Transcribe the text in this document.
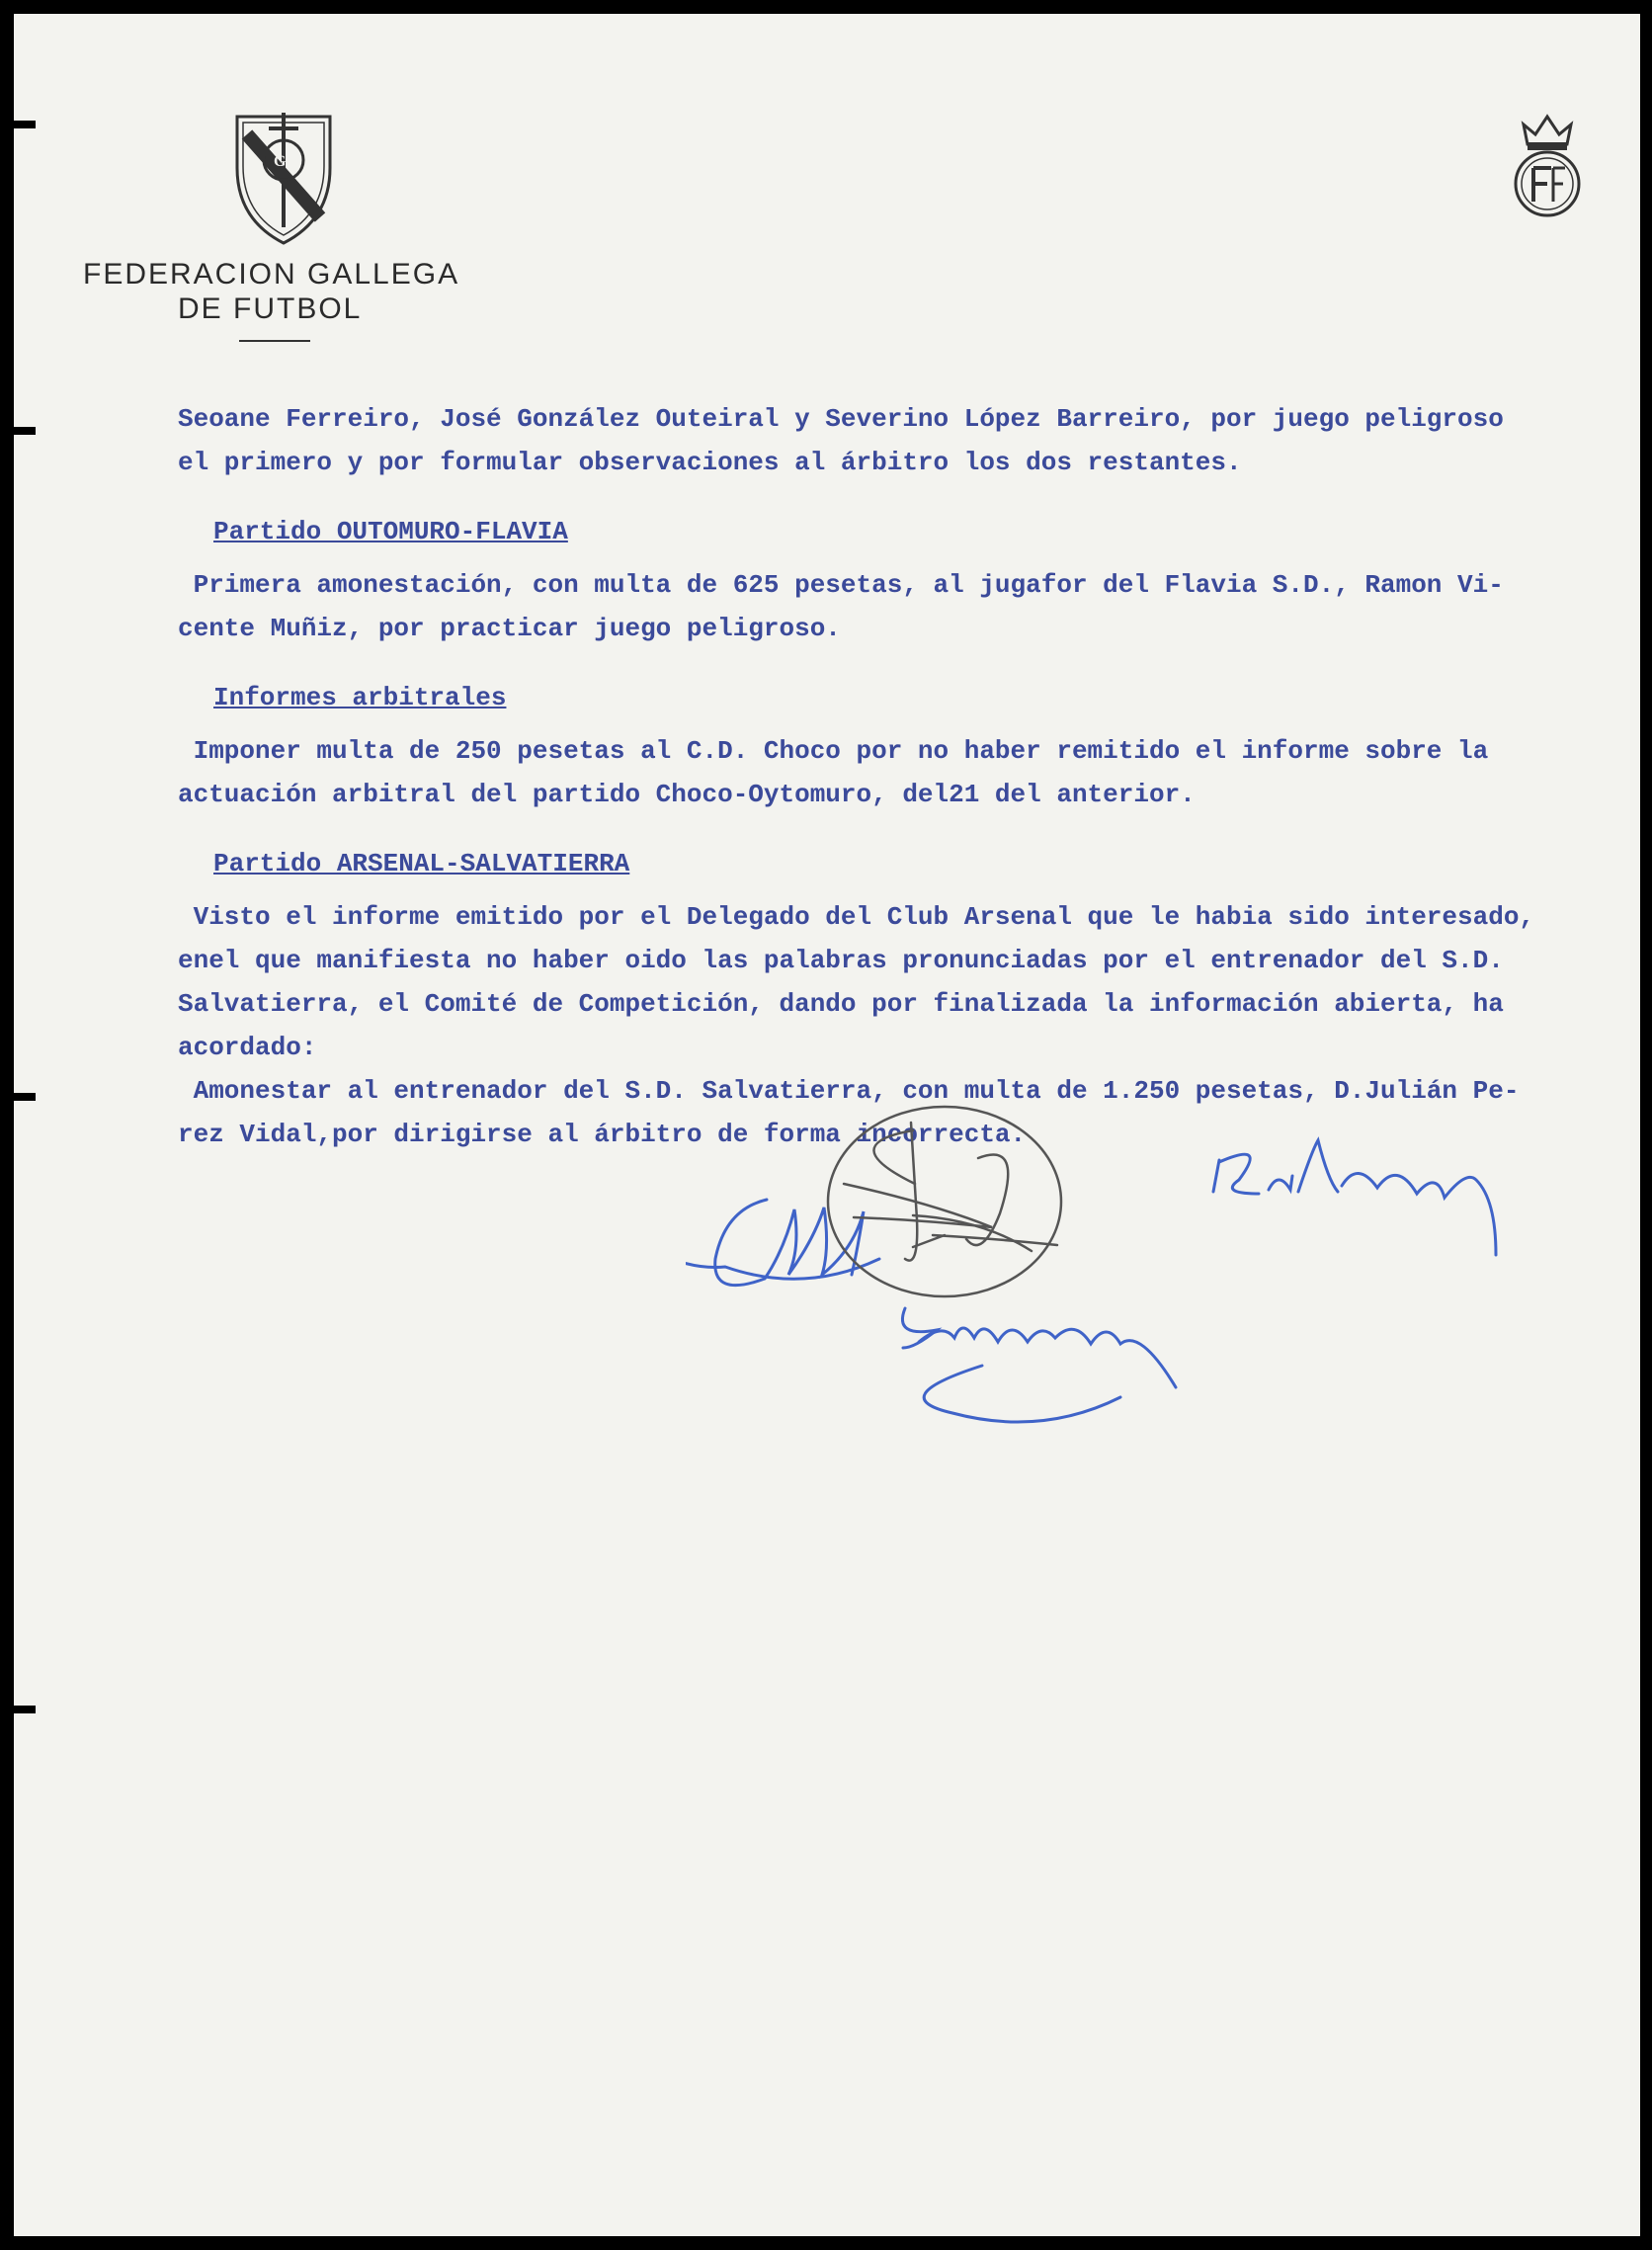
G
FEDERACION GALLEGA
DE FUTBOL

Seoane Ferreiro, José González Outeiral y Severino López Barreiro, por juego peligroso

el primero y por formular observaciones al árbitro los dos restantes.

Partido OUTOMURO-FLAVIA

Primera amonestación, con multa de 625 pesetas, al jugafor del Flavia S.D., Ramon Vi-

cente Muñiz, por practicar juego peligroso.

Informes arbitrales

Imponer multa de 250 pesetas al C.D. Choco por no haber remitido el informe sobre la

actuación arbitral del partido Choco-Oytomuro, del21 del anterior.

Partido ARSENAL-SALVATIERRA

Visto el informe emitido por el Delegado del Club Arsenal que le habia sido interesado,

enel que manifiesta no haber oido las palabras pronunciadas por el entrenador del S.D.

Salvatierra, el Comité de Competición, dando por finalizada la información abierta, ha

acordado:

Amonestar al entrenador del S.D. Salvatierra, con multa de 1.250 pesetas, D.Julián Pe-

rez Vidal,por dirigirse al árbitro de forma incorrecta.
